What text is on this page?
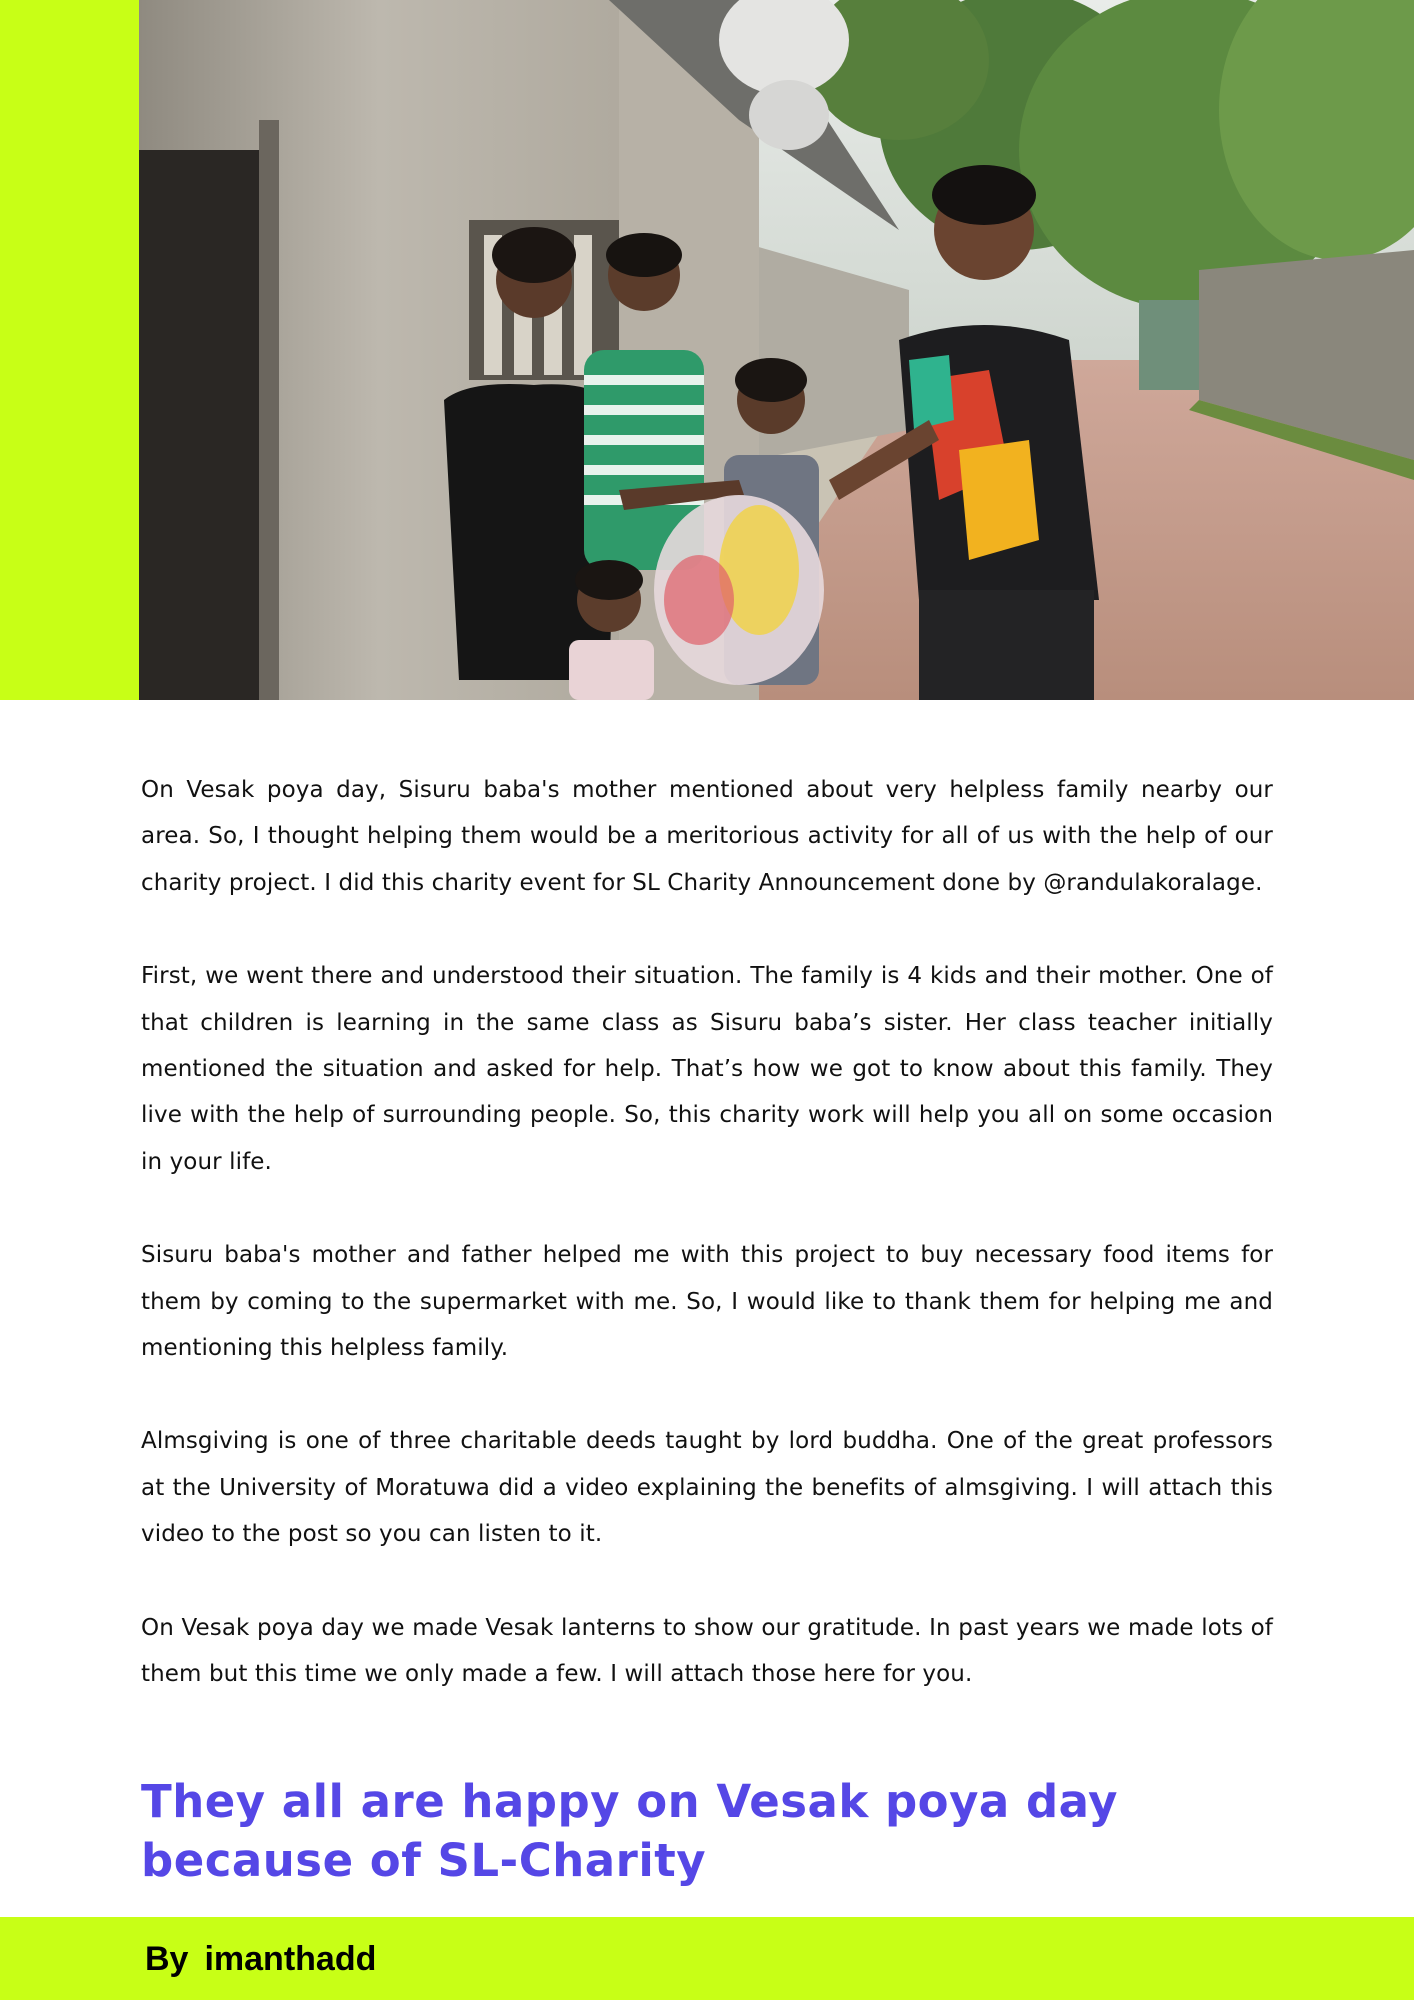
On Vesak poya day, Sisuru baba's mother mentioned about very helpless family nearby our area. So, I thought helping them would be a meritorious activity for all of us with the help of our charity project. I did this charity event for SL Charity Announcement done by @randulakoralage.

First, we went there and understood their situation. The family is 4 kids and their mother. One of that children is learning in the same class as Sisuru baba’s sister. Her class teacher initially mentioned the situation and asked for help. That’s how we got to know about this family. They live with the help of surrounding people. So, this charity work will help you all on some occasion in your life.

Sisuru baba's mother and father helped me with this project to buy necessary food items for them by coming to the supermarket with me. So, I would like to thank them for helping me and mentioning this helpless family.

Almsgiving is one of three charitable deeds taught by lord buddha. One of the great professors at the University of Moratuwa did a video explaining the benefits of almsgiving. I will attach this video to the post so you can listen to it.

On Vesak poya day we made Vesak lanterns to show our gratitude. In past years we made lots of them but this time we only made a few. I will attach those here for you.

They all are happy on Vesak poya day
because of SL-Charity
By imanthadd
